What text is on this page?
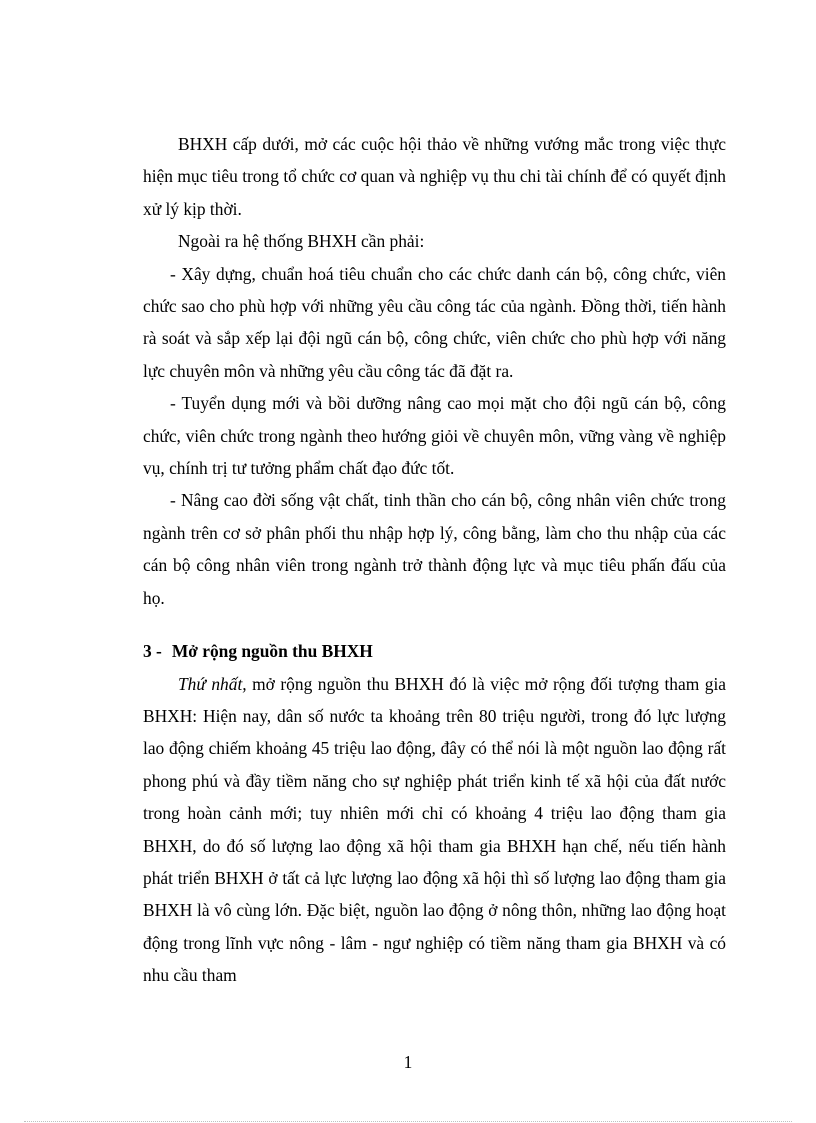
BHXH cấp dưới, mở các cuộc hội thảo về những vướng mắc trong việc thực hiện mục tiêu trong tổ chức cơ quan và nghiệp vụ thu chi tài chính để có quyết định xử lý kịp thời.

Ngoài ra hệ thống BHXH cần phải:

- Xây dựng, chuẩn hoá tiêu chuẩn cho các chức danh cán bộ, công chức, viên chức sao cho phù hợp với những yêu cầu công tác của ngành. Đồng thời, tiến hành rà soát và sắp xếp lại đội ngũ cán bộ, công chức, viên chức cho phù hợp với năng lực chuyên môn và những yêu cầu công tác đã đặt ra.

- Tuyển dụng mới và bồi dưỡng nâng cao mọi mặt cho đội ngũ cán bộ, công chức, viên chức trong ngành theo hướng giỏi về chuyên môn, vững vàng về nghiệp vụ, chính trị tư tưởng phẩm chất đạo đức tốt.

- Nâng cao đời sống vật chất, tinh thần cho cán bộ, công nhân viên chức trong ngành trên cơ sở phân phối thu nhập hợp lý, công bằng, làm cho thu nhập của các cán bộ công nhân viên trong ngành trở thành động lực và mục tiêu phấn đấu của họ.

3 - Mở rộng nguồn thu BHXH

Thứ nhất, mở rộng nguồn thu BHXH đó là việc mở rộng đối tượng tham gia BHXH: Hiện nay, dân số nước ta khoảng trên 80 triệu người, trong đó lực lượng lao động chiếm khoảng 45 triệu lao động, đây có thể nói là một nguồn lao động rất phong phú và đầy tiềm năng cho sự nghiệp phát triển kinh tế xã hội của đất nước trong hoàn cảnh mới; tuy nhiên mới chỉ có khoảng 4 triệu lao động tham gia BHXH, do đó số lượng lao động xã hội tham gia BHXH hạn chế, nếu tiến hành phát triển BHXH ở tất cả lực lượng lao động xã hội thì số lượng lao động tham gia BHXH là vô cùng lớn. Đặc biệt, nguồn lao động ở nông thôn, những lao động hoạt động trong lĩnh vực nông - lâm - ngư nghiệp có tiềm năng tham gia BHXH và có nhu cầu tham

1
